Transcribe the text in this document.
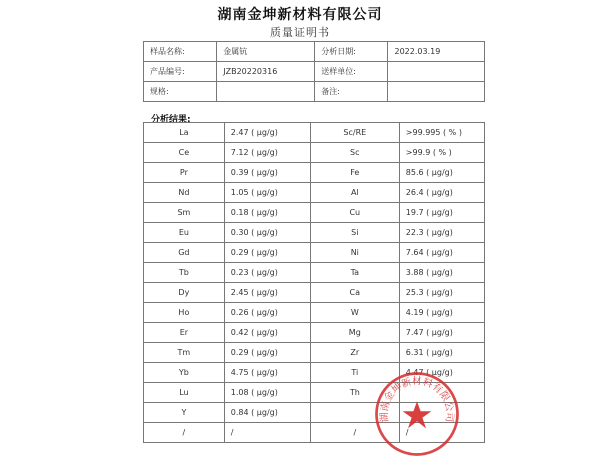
湖南金坤新材料有限公司
质量证明书
样品名称:	金属钪	分析日期:	2022.03.19
产品编号:	JZB20220316	送样单位:	
规格:		备注:	
分析结果:
La	2.47 ( μg/g)	Sc/RE	>99.995 ( % )
Ce	7.12 ( μg/g)	Sc	>99.9 ( % )
Pr	0.39 ( μg/g)	Fe	85.6 ( μg/g)
Nd	1.05 ( μg/g)	Al	26.4 ( μg/g)
Sm	0.18 ( μg/g)	Cu	19.7 ( μg/g)
Eu	0.30 ( μg/g)	Si	22.3 ( μg/g)
Gd	0.29 ( μg/g)	Ni	7.64 ( μg/g)
Tb	0.23 ( μg/g)	Ta	3.88 ( μg/g)
Dy	2.45 ( μg/g)	Ca	25.3 ( μg/g)
Ho	0.26 ( μg/g)	W	4.19 ( μg/g)
Er	0.42 ( μg/g)	Mg	7.47 ( μg/g)
Tm	0.29 ( μg/g)	Zr	6.31 ( μg/g)
Yb	4.75 ( μg/g)	Ti	4.47 ( μg/g)
Lu	1.08 ( μg/g)	Th	
Y	0.84 ( μg/g)		
/	/	/	/
湖南金坤新材料有限公司
